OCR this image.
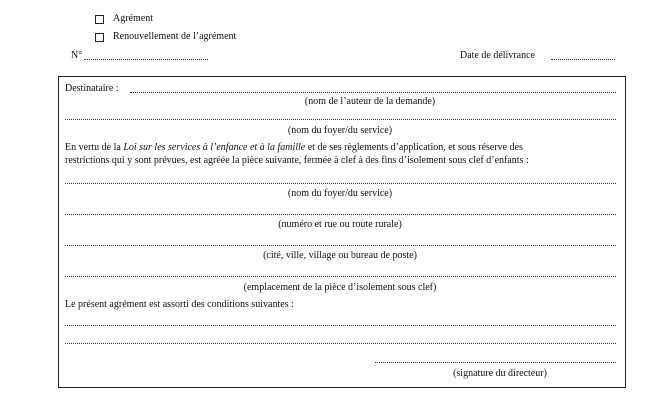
Agrément
Renouvellement de l’agrément
N°	Date de délivrance
Destinataire :
(nom de l’auteur de la demande)
(nom du foyer/du service)
En vertu de la Loi sur les services à l’enfance et à la famille et de ses règlements d’application, et sous réserve des
restrictions qui y sont prévues, est agréée la pièce suivante, fermée à clef à des fins d’isolement sous clef d’enfants :
(nom du foyer/du service)
(numéro et rue ou route rurale)
(cité, ville, village ou bureau de poste)
(emplacement de la pièce d’isolement sous clef)
Le présent agrément est assorti des conditions suivantes :
(signature du directeur)
